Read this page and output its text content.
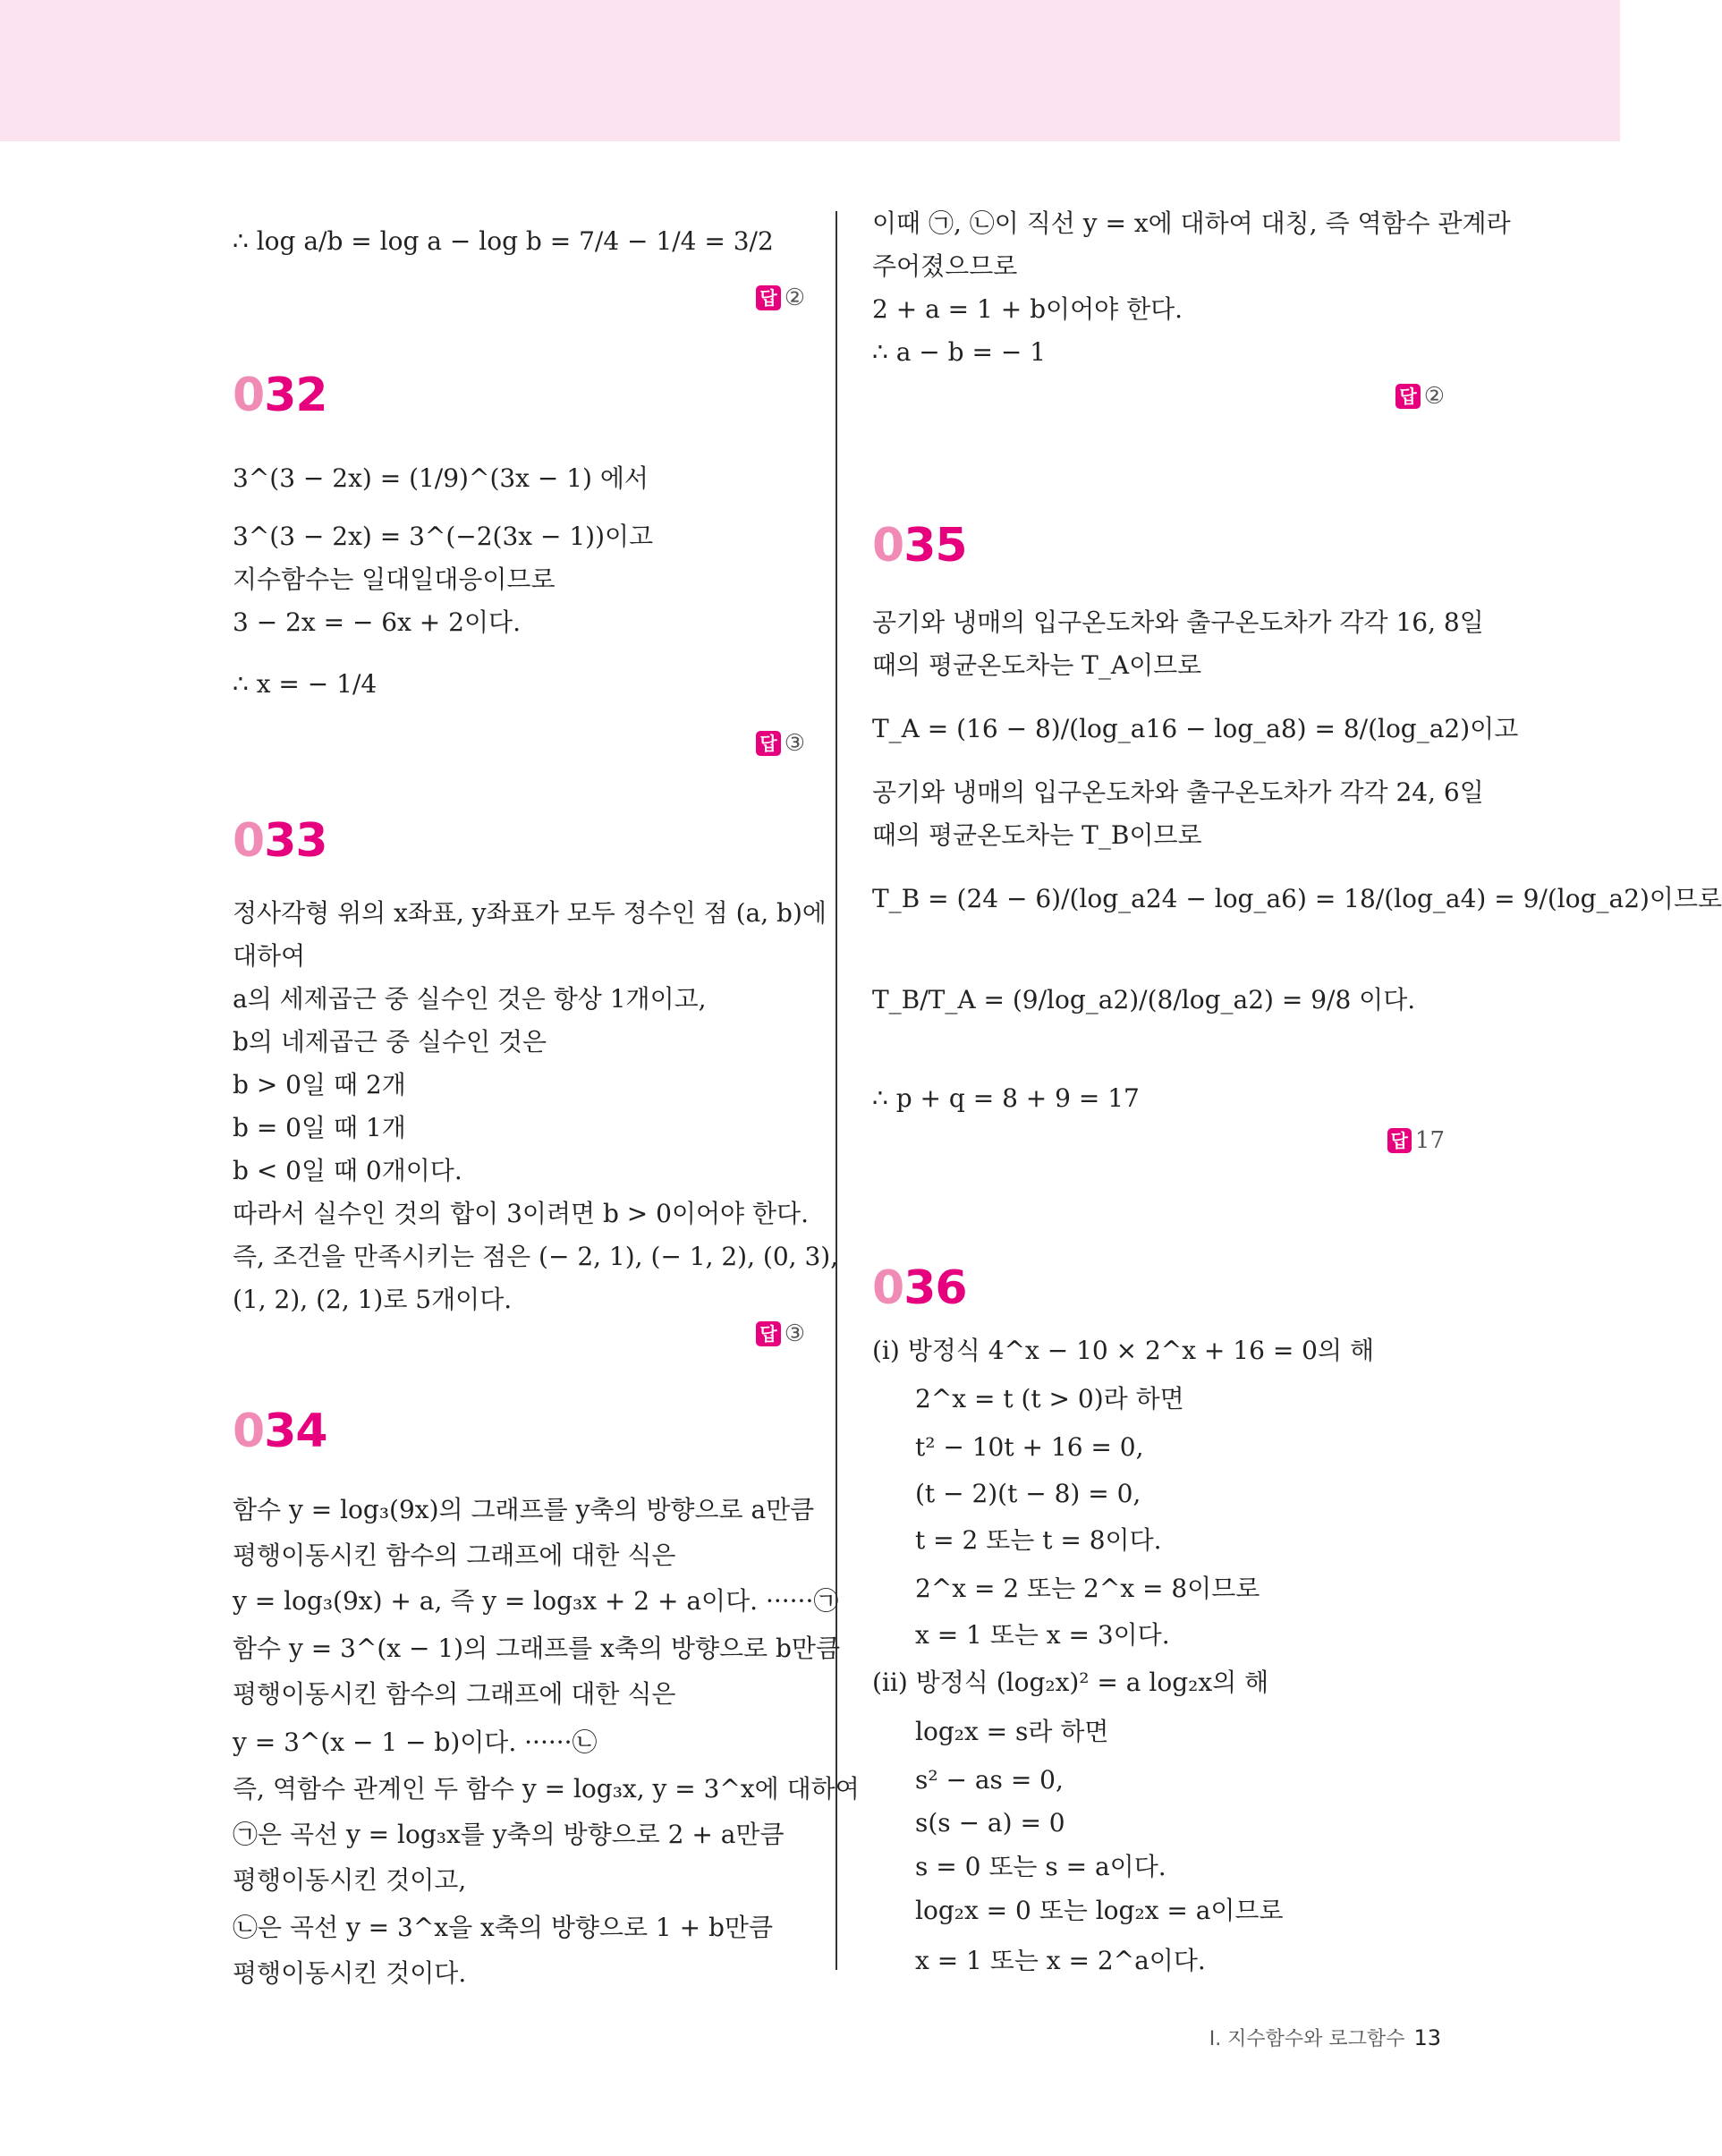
∴ log a/b = log a − log b = 7/4 − 1/4 = 3/2
답 ②
032
3^(3 − 2x) = (1/9)^(3x − 1) 에서
3^(3 − 2x) = 3^(−2(3x − 1))이고
지수함수는 일대일대응이므로
3 − 2x = − 6x + 2이다.
∴ x = − 1/4
답 ③
033
정사각형 위의 x좌표, y좌표가 모두 정수인 점 (a, b)에
대하여
a의 세제곱근 중 실수인 것은 항상 1개이고,
b의 네제곱근 중 실수인 것은
b > 0일 때 2개
b = 0일 때 1개
b < 0일 때 0개이다.
따라서 실수인 것의 합이 3이려면 b > 0이어야 한다.
즉, 조건을 만족시키는 점은 (− 2, 1), (− 1, 2), (0, 3),
(1, 2), (2, 1)로 5개이다.
답 ③
034
함수 y = log₃(9x)의 그래프를 y축의 방향으로 a만큼
평행이동시킨 함수의 그래프에 대한 식은
y = log₃(9x) + a, 즉 y = log₃x + 2 + a이다. ······㉠
함수 y = 3^(x − 1)의 그래프를 x축의 방향으로 b만큼
평행이동시킨 함수의 그래프에 대한 식은
y = 3^(x − 1 − b)이다. ······㉡
즉, 역함수 관계인 두 함수 y = log₃x, y = 3^x에 대하여
㉠은 곡선 y = log₃x를 y축의 방향으로 2 + a만큼
평행이동시킨 것이고,
㉡은 곡선 y = 3^x을 x축의 방향으로 1 + b만큼
평행이동시킨 것이다.
이때 ㉠, ㉡이 직선 y = x에 대하여 대칭, 즉 역함수 관계라
주어졌으므로
2 + a = 1 + b이어야 한다.
∴ a − b = − 1
답 ②
035
공기와 냉매의 입구온도차와 출구온도차가 각각 16, 8일
때의 평균온도차는 T_A이므로
T_A = (16 − 8)/(log_a16 − log_a8) = 8/(log_a2)이고
공기와 냉매의 입구온도차와 출구온도차가 각각 24, 6일
때의 평균온도차는 T_B이므로
T_B = (24 − 6)/(log_a24 − log_a6) = 18/(log_a4) = 9/(log_a2)이므로
T_B/T_A = (9/log_a2)/(8/log_a2) = 9/8 이다.
∴ p + q = 8 + 9 = 17
답 17
036
(i) 방정식 4^x − 10 × 2^x + 16 = 0의 해
2^x = t (t > 0)라 하면
t² − 10t + 16 = 0,
(t − 2)(t − 8) = 0,
t = 2 또는 t = 8이다.
2^x = 2 또는 2^x = 8이므로
x = 1 또는 x = 3이다.
(ii) 방정식 (log₂x)² = a log₂x의 해
log₂x = s라 하면
s² − as = 0,
s(s − a) = 0
s = 0 또는 s = a이다.
log₂x = 0 또는 log₂x = a이므로
x = 1 또는 x = 2^a이다.
Ⅰ. 지수함수와 로그함수 13
